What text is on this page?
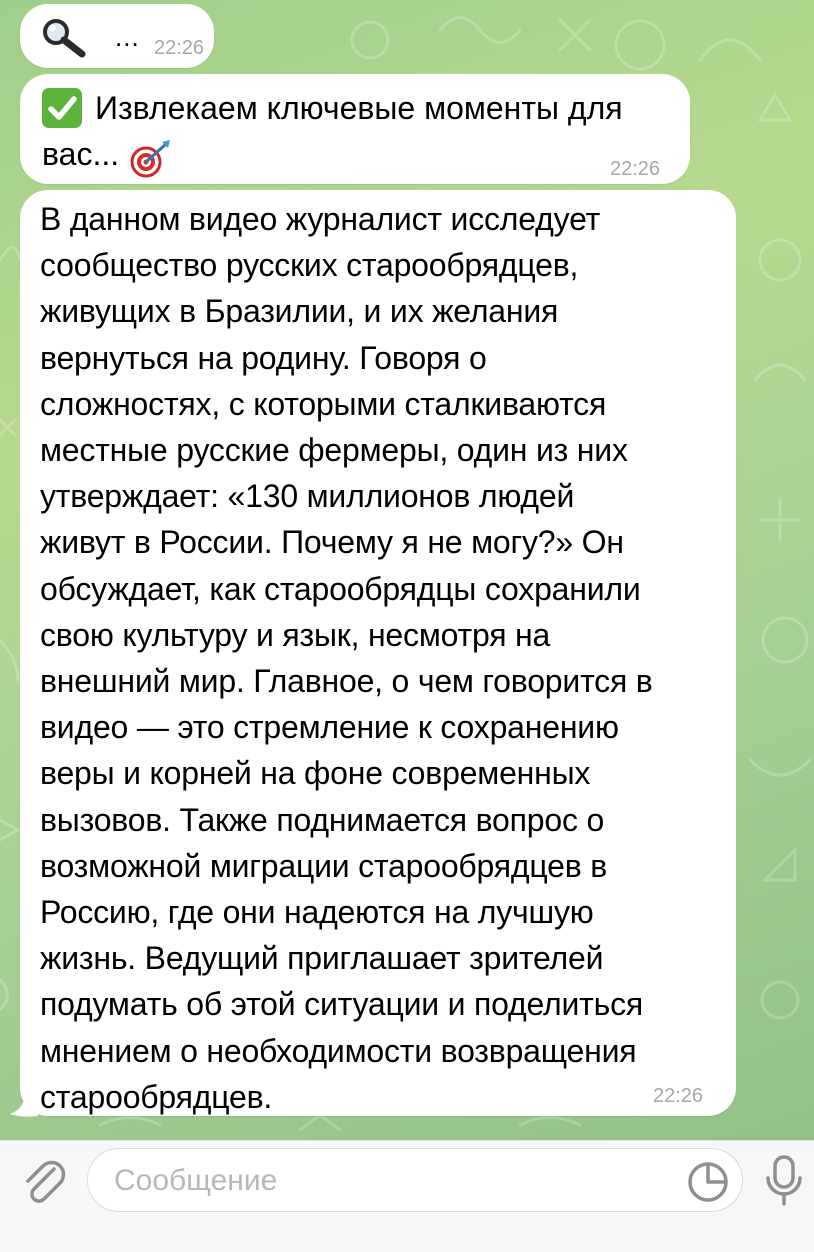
... 22:26
Извлекаем ключевые моменты для
вас...	22:26
В данном видео журналист исследует
сообщество русских старообрядцев,
живущих в Бразилии, и их желания
вернуться на родину. Говоря о
сложностях, с которыми сталкиваются
местные русские фермеры, один из них
утверждает: «130 миллионов людей
живут в России. Почему я не могу?» Он
обсуждает, как старообрядцы сохранили
свою культуру и язык, несмотря на
внешний мир. Главное, о чем говорится в
видео — это стремление к сохранению
веры и корней на фоне современных
вызовов. Также поднимается вопрос о
возможной миграции старообрядцев в
Россию, где они надеются на лучшую
жизнь. Ведущий приглашает зрителей
подумать об этой ситуации и поделиться
мнением о необходимости возвращения
старообрядцев.	22:26
Сообщение
